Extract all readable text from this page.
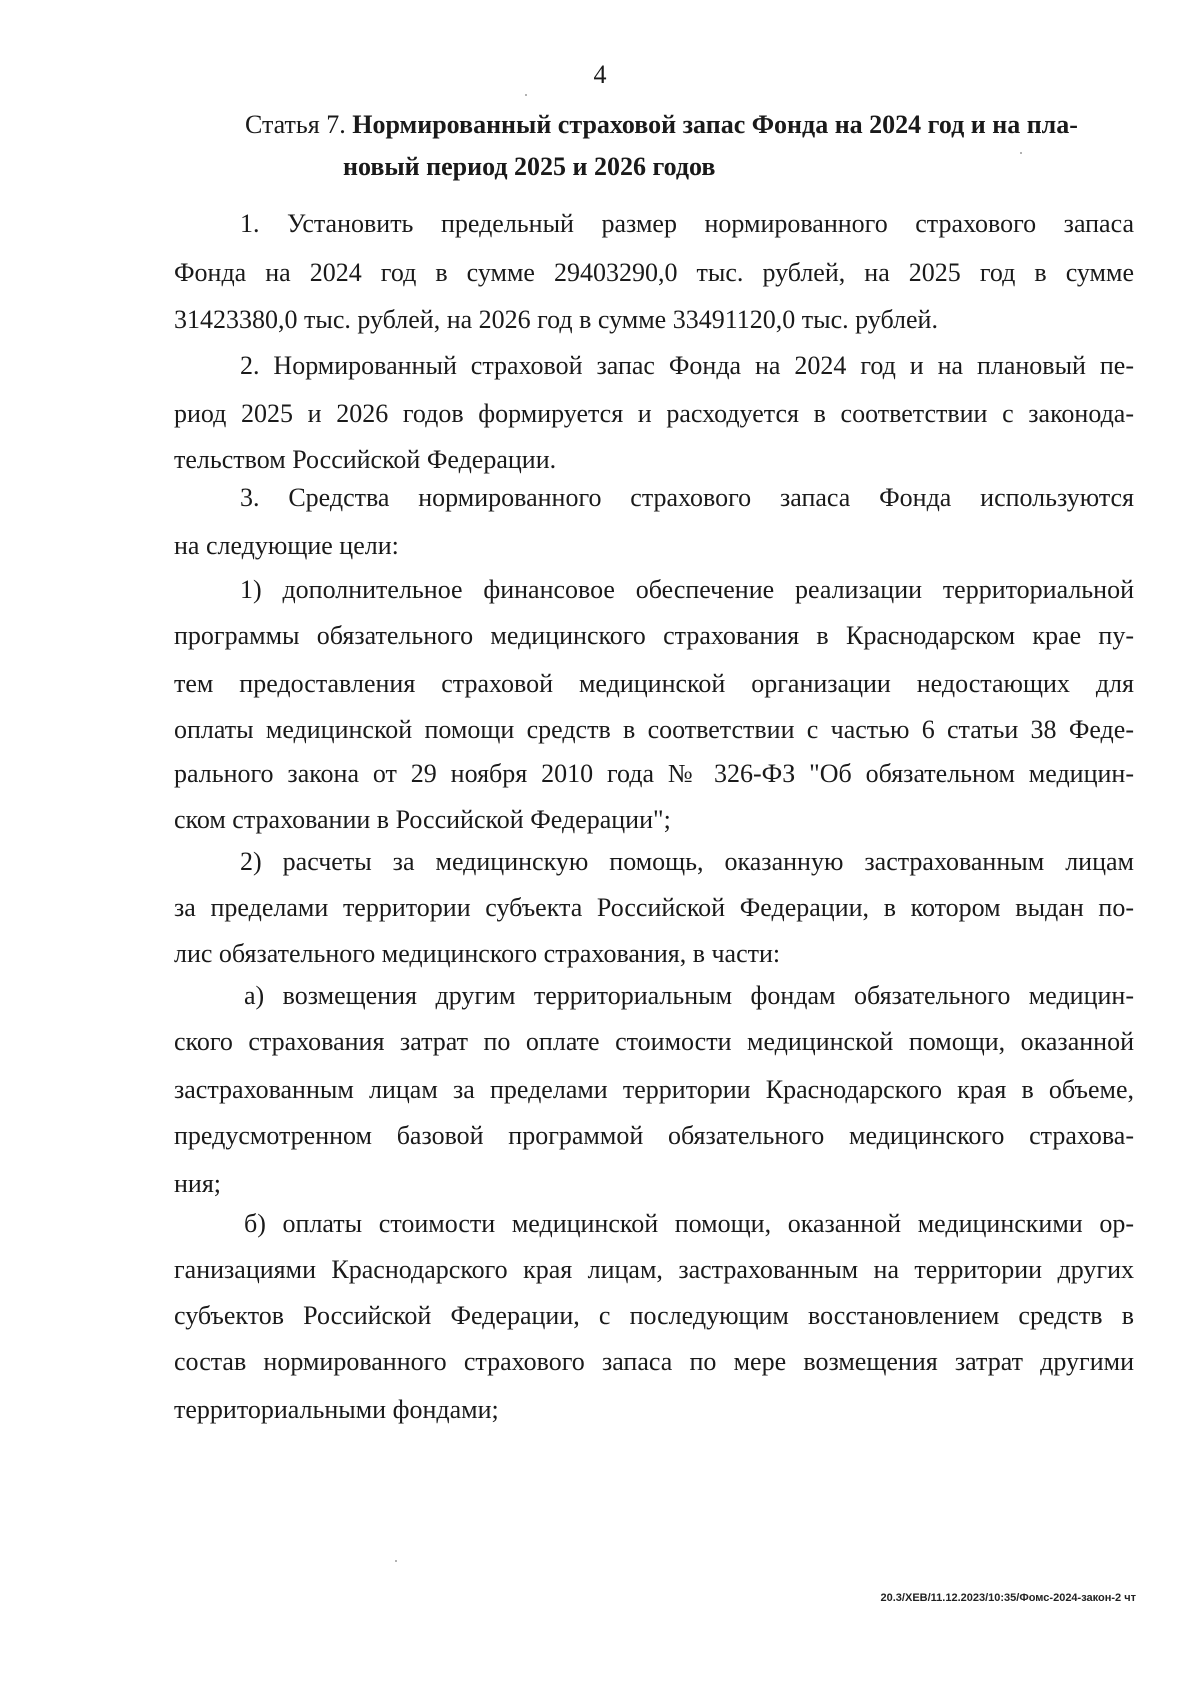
4
Статья 7. Нормированный страховой запас Фонда на 2024 год и на пла-
новый период 2025 и 2026 годов
1. Установить предельный размер нормированного страхового запаса
Фонда на 2024 год в сумме 29403290,0 тыс. рублей, на 2025 год в сумме
31423380,0 тыс. рублей, на 2026 год в сумме 33491120,0 тыс. рублей.
2. Нормированный страховой запас Фонда на 2024 год и на плановый пе-
риод 2025 и 2026 годов формируется и расходуется в соответствии с законода-
тельством Российской Федерации.
3. Средства нормированного страхового запаса Фонда используются
на следующие цели:
1) дополнительное финансовое обеспечение реализации территориальной
программы обязательного медицинского страхования в Краснодарском крае пу-
тем предоставления страховой медицинской организации недостающих для
оплаты медицинской помощи средств в соответствии с частью 6 статьи 38 Феде-
рального закона от 29 ноября 2010 года № 326-ФЗ "Об обязательном медицин-
ском страховании в Российской Федерации";
2) расчеты за медицинскую помощь, оказанную застрахованным лицам
за пределами территории субъекта Российской Федерации, в котором выдан по-
лис обязательного медицинского страхования, в части:
а) возмещения другим территориальным фондам обязательного медицин-
ского страхования затрат по оплате стоимости медицинской помощи, оказанной
застрахованным лицам за пределами территории Краснодарского края в объеме,
предусмотренном базовой программой обязательного медицинского страхова-
ния;
б) оплаты стоимости медицинской помощи, оказанной медицинскими ор-
ганизациями Краснодарского края лицам, застрахованным на территории других
субъектов Российской Федерации, с последующим восстановлением средств в
состав нормированного страхового запаса по мере возмещения затрат другими
территориальными фондами;
20.3/ХЕВ/11.12.2023/10:35/Фомс-2024-закон-2 чт
